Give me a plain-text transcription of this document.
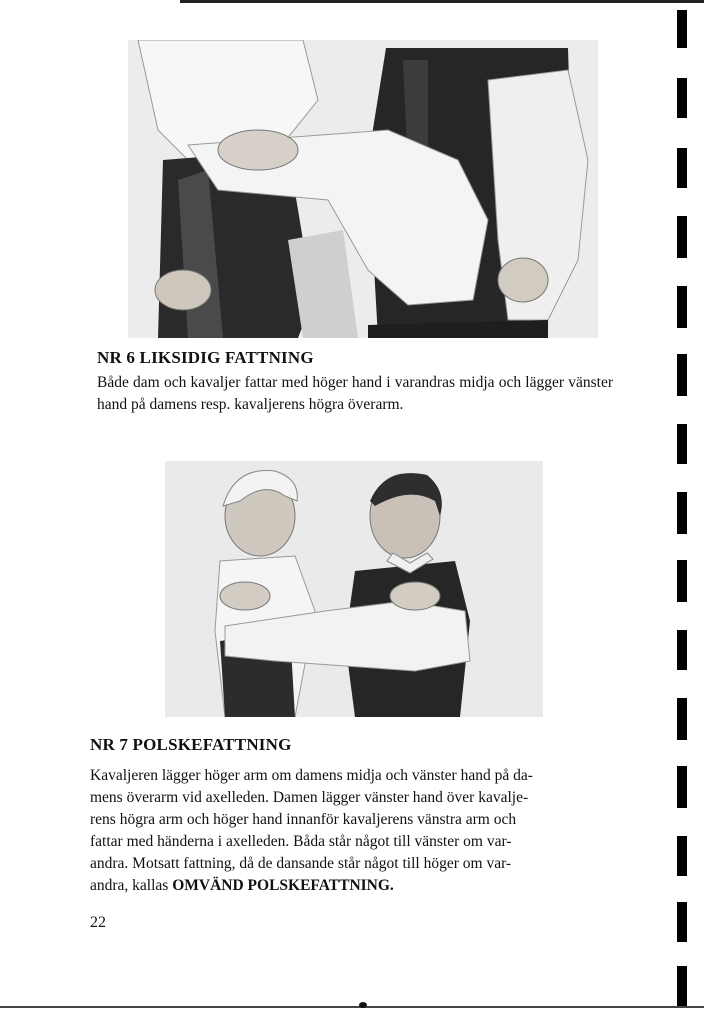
NR 6 LIKSIDIG FATTNING
Både dam och kavaljer fattar med höger hand i varandras midja och lägger vänster hand på damens resp. kavaljerens högra överarm.
NR 7 POLSKEFATTNING
Kavaljeren lägger höger arm om damens midja och vänster hand på da-
mens överarm vid axelleden. Damen lägger vänster hand över kavalje-
rens högra arm och höger hand innanför kavaljerens vänstra arm och
fattar med händerna i axelleden. Båda står något till vänster om var-
andra. Motsatt fattning, då de dansande står något till höger om var-
andra, kallas OMVÄND POLSKEFATTNING.
22
